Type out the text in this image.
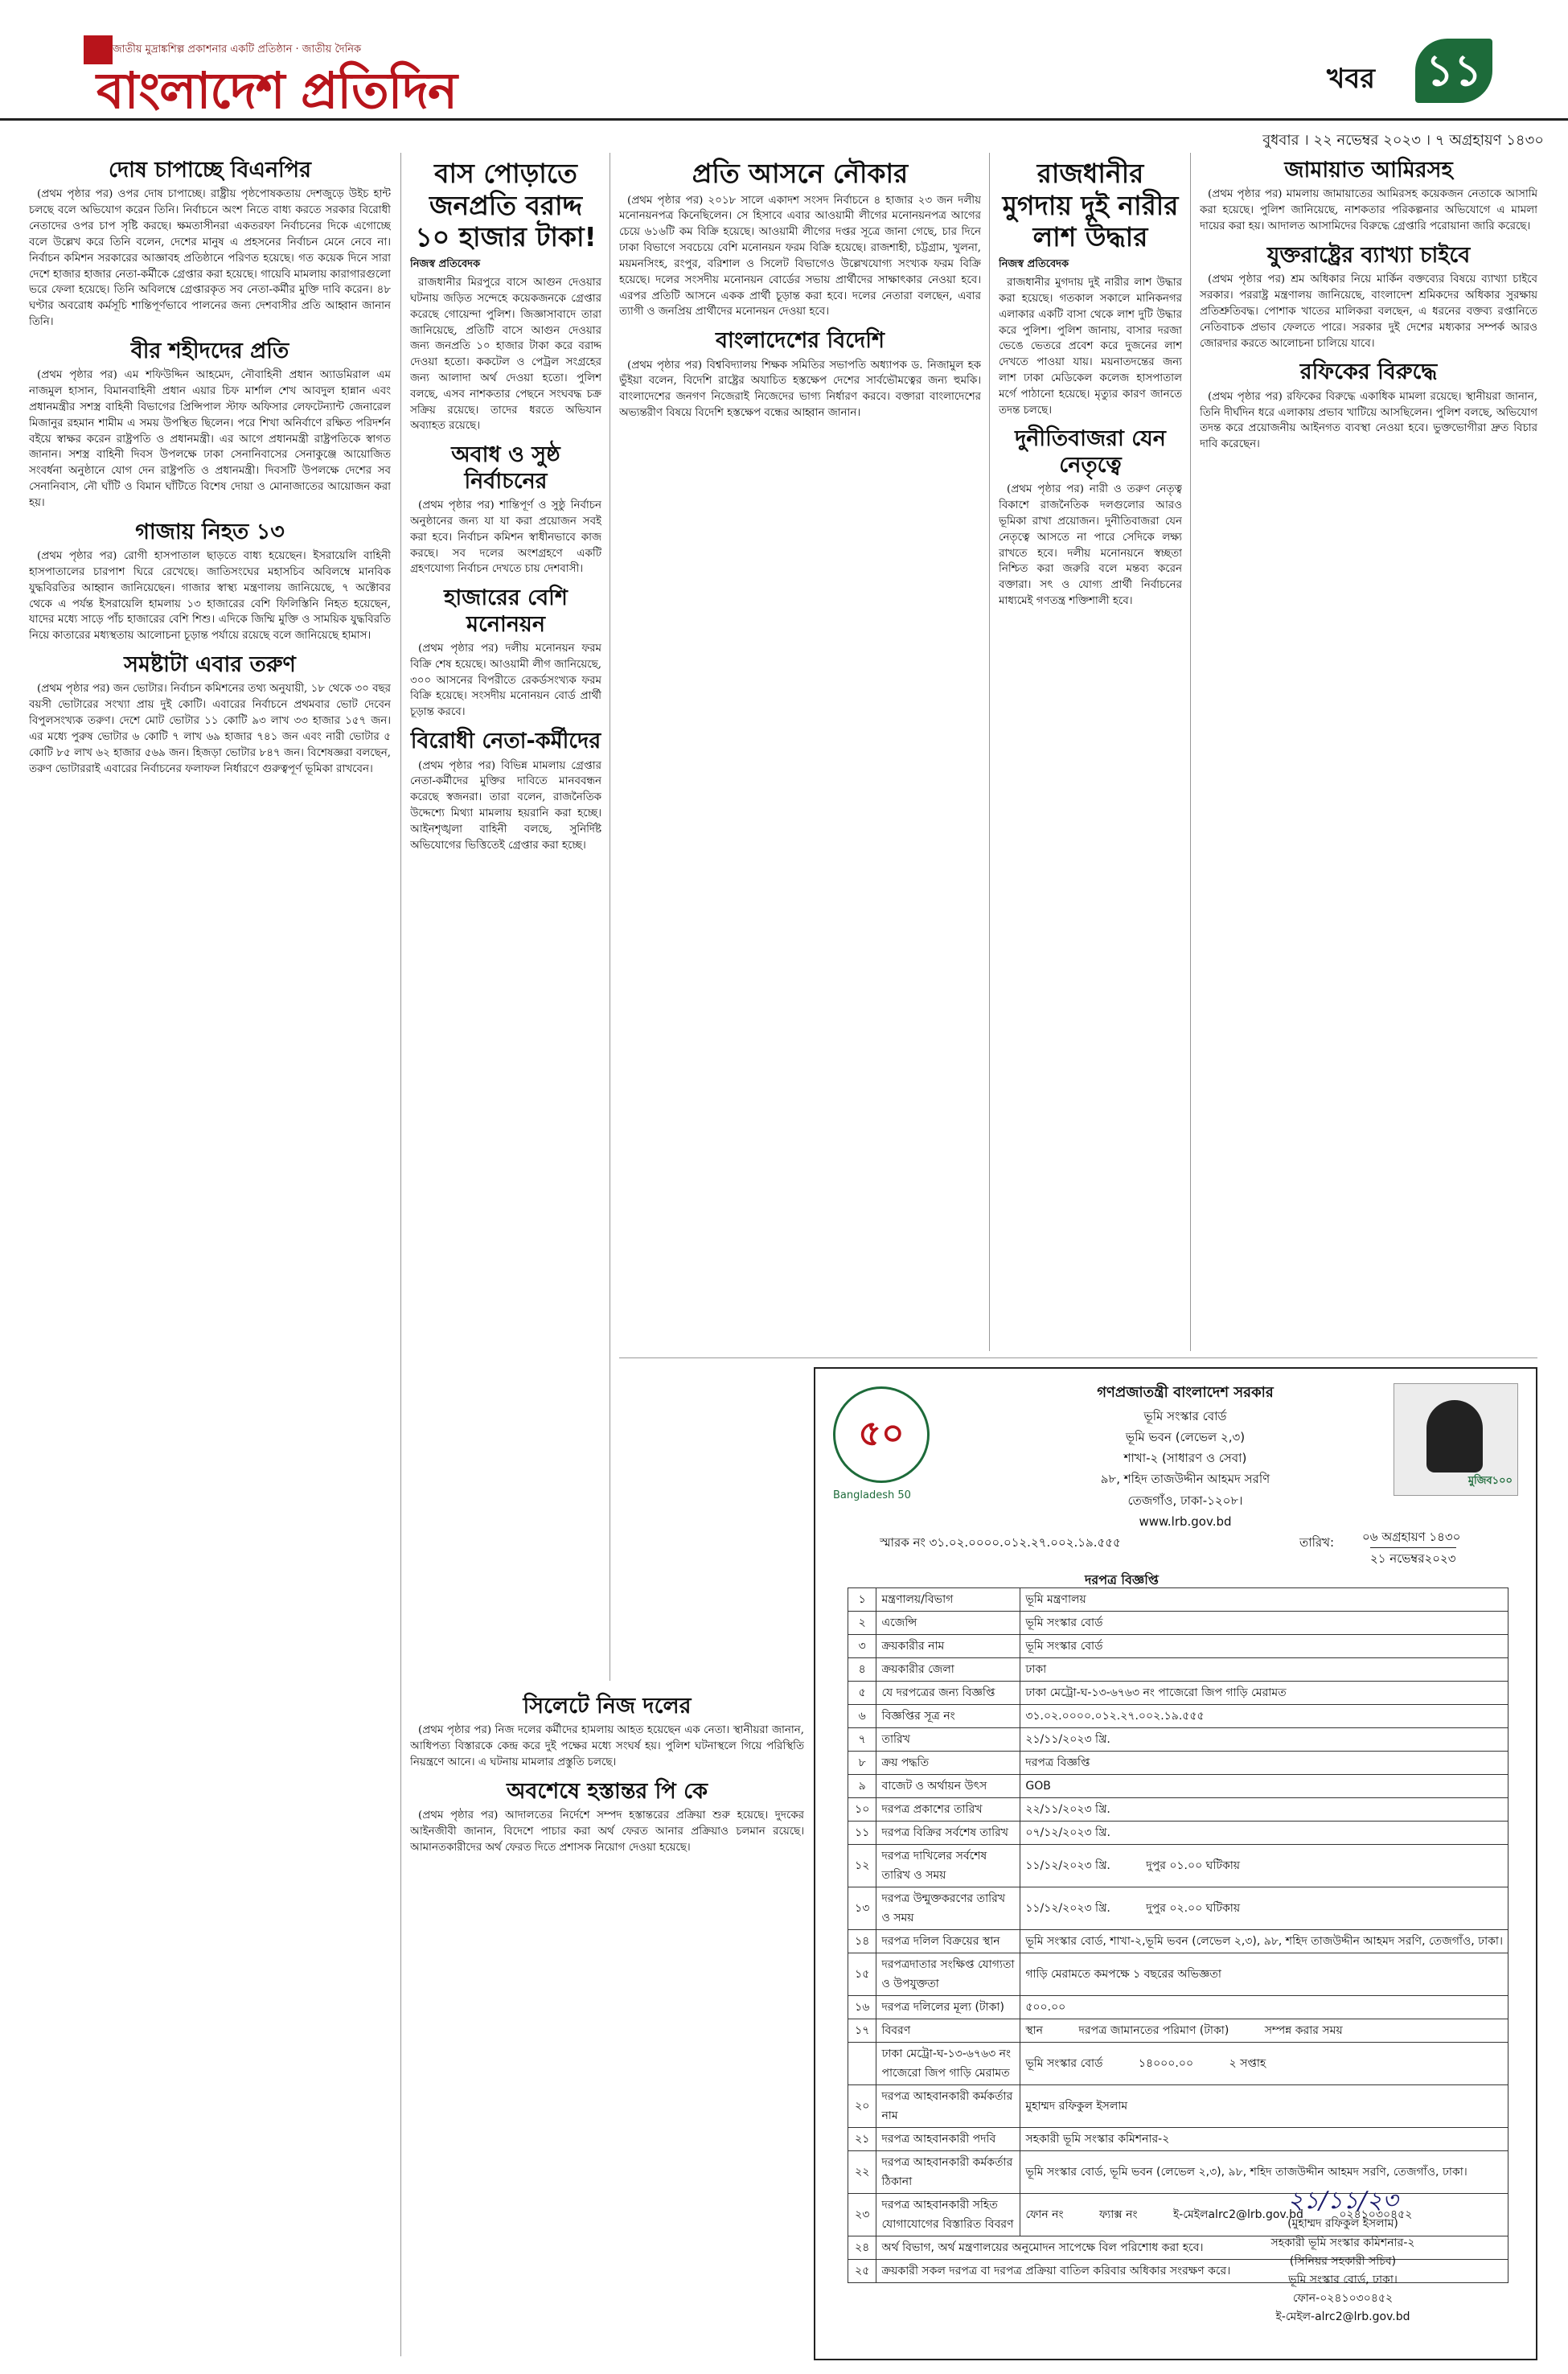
জাতীয় মুদ্রাঙ্কশিল্প প্রকাশনার একটি প্রতিষ্ঠান · জাতীয় দৈনিক
বাংলাদেশ প্রতিদিন	খবর ১১
বুধবার । ২২ নভেম্বর ২০২৩ । ৭ অগ্রহায়ণ ১৪৩০
দোষ চাপাচ্ছে বিএনপির

(প্রথম পৃষ্ঠার পর) ওপর দোষ চাপাচ্ছে। রাষ্ট্রীয় পৃষ্ঠপোষকতায় দেশজুড়ে উইচ হান্ট চলছে বলে অভিযোগ করেন তিনি। নির্বাচনে অংশ নিতে বাধ্য করতে সরকার বিরোধী নেতাদের ওপর চাপ সৃষ্টি করছে। ক্ষমতাসীনরা একতরফা নির্বাচনের দিকে এগোচ্ছে বলে উল্লেখ করে তিনি বলেন, দেশের মানুষ এ প্রহসনের নির্বাচন মেনে নেবে না। নির্বাচন কমিশন সরকারের আজ্ঞাবহ প্রতিষ্ঠানে পরিণত হয়েছে। গত কয়েক দিনে সারা দেশে হাজার হাজার নেতা-কর্মীকে গ্রেপ্তার করা হয়েছে। গায়েবি মামলায় কারাগারগুলো ভরে ফেলা হয়েছে। তিনি অবিলম্বে গ্রেপ্তারকৃত সব নেতা-কর্মীর মুক্তি দাবি করেন। ৪৮ ঘণ্টার অবরোধ কর্মসূচি শান্তিপূর্ণভাবে পালনের জন্য দেশবাসীর প্রতি আহ্বান জানান তিনি।

বীর শহীদদের প্রতি

(প্রথম পৃষ্ঠার পর) এম শফিউদ্দিন আহমেদ, নৌবাহিনী প্রধান অ্যাডমিরাল এম নাজমুল হাসান, বিমানবাহিনী প্রধান এয়ার চিফ মার্শাল শেখ আবদুল হান্নান এবং প্রধানমন্ত্রীর সশস্ত্র বাহিনী বিভাগের প্রিন্সিপাল স্টাফ অফিসার লেফটেন্যান্ট জেনারেল মিজানুর রহমান শামীম এ সময় উপস্থিত ছিলেন। পরে শিখা অনির্বাণে রক্ষিত পরিদর্শন বইয়ে স্বাক্ষর করেন রাষ্ট্রপতি ও প্রধানমন্ত্রী। এর আগে প্রধানমন্ত্রী রাষ্ট্রপতিকে স্বাগত জানান। সশস্ত্র বাহিনী দিবস উপলক্ষে ঢাকা সেনানিবাসের সেনাকুঞ্জে আয়োজিত সংবর্ধনা অনুষ্ঠানে যোগ দেন রাষ্ট্রপতি ও প্রধানমন্ত্রী। দিবসটি উপলক্ষে দেশের সব সেনানিবাস, নৌ ঘাঁটি ও বিমান ঘাঁটিতে বিশেষ দোয়া ও মোনাজাতের আয়োজন করা হয়।

গাজায় নিহত ১৩

(প্রথম পৃষ্ঠার পর) রোগী হাসপাতাল ছাড়তে বাধ্য হয়েছেন। ইসরায়েলি বাহিনী হাসপাতালের চারপাশ ঘিরে রেখেছে। জাতিসংঘের মহাসচিব অবিলম্বে মানবিক যুদ্ধবিরতির আহ্বান জানিয়েছেন। গাজার স্বাস্থ্য মন্ত্রণালয় জানিয়েছে, ৭ অক্টোবর থেকে এ পর্যন্ত ইসরায়েলি হামলায় ১৩ হাজারের বেশি ফিলিস্তিনি নিহত হয়েছেন, যাদের মধ্যে সাড়ে পাঁচ হাজারের বেশি শিশু। এদিকে জিম্মি মুক্তি ও সাময়িক যুদ্ধবিরতি নিয়ে কাতারের মধ্যস্থতায় আলোচনা চূড়ান্ত পর্যায়ে রয়েছে বলে জানিয়েছে হামাস।

সমষ্টাটা এবার তরুণ

(প্রথম পৃষ্ঠার পর) জন ভোটার। নির্বাচন কমিশনের তথ্য অনুযায়ী, ১৮ থেকে ৩০ বছর বয়সী ভোটারের সংখ্যা প্রায় দুই কোটি। এবারের নির্বাচনে প্রথমবার ভোট দেবেন বিপুলসংখ্যক তরুণ। দেশে মোট ভোটার ১১ কোটি ৯৩ লাখ ৩৩ হাজার ১৫৭ জন। এর মধ্যে পুরুষ ভোটার ৬ কোটি ৭ লাখ ৬৯ হাজার ৭৪১ জন এবং নারী ভোটার ৫ কোটি ৮৫ লাখ ৬২ হাজার ৫৬৯ জন। হিজড়া ভোটার ৮৪৭ জন। বিশেষজ্ঞরা বলছেন, তরুণ ভোটাররাই এবারের নির্বাচনের ফলাফল নির্ধারণে গুরুত্বপূর্ণ ভূমিকা রাখবেন।

বাস পোড়াতে জনপ্রতি বরাদ্দ ১০ হাজার টাকা!
নিজস্ব প্রতিবেদক

রাজধানীর মিরপুরে বাসে আগুন দেওয়ার ঘটনায় জড়িত সন্দেহে কয়েকজনকে গ্রেপ্তার করেছে গোয়েন্দা পুলিশ। জিজ্ঞাসাবাদে তারা জানিয়েছে, প্রতিটি বাসে আগুন দেওয়ার জন্য জনপ্রতি ১০ হাজার টাকা করে বরাদ্দ দেওয়া হতো। ককটেল ও পেট্রল সংগ্রহের জন্য আলাদা অর্থ দেওয়া হতো। পুলিশ বলছে, এসব নাশকতার পেছনে সংঘবদ্ধ চক্র সক্রিয় রয়েছে। তাদের ধরতে অভিযান অব্যাহত রয়েছে।

অবাধ ও সুষ্ঠ নির্বাচনের

(প্রথম পৃষ্ঠার পর) শান্তিপূর্ণ ও সুষ্ঠু নির্বাচন অনুষ্ঠানের জন্য যা যা করা প্রয়োজন সবই করা হবে। নির্বাচন কমিশন স্বাধীনভাবে কাজ করছে। সব দলের অংশগ্রহণে একটি গ্রহণযোগ্য নির্বাচন দেখতে চায় দেশবাসী।

হাজারের বেশি মনোনয়ন

(প্রথম পৃষ্ঠার পর) দলীয় মনোনয়ন ফরম বিক্রি শেষ হয়েছে। আওয়ামী লীগ জানিয়েছে, ৩০০ আসনের বিপরীতে রেকর্ডসংখ্যক ফরম বিক্রি হয়েছে। সংসদীয় মনোনয়ন বোর্ড প্রার্থী চূড়ান্ত করবে।

বিরোধী নেতা-কর্মীদের

(প্রথম পৃষ্ঠার পর) বিভিন্ন মামলায় গ্রেপ্তার নেতা-কর্মীদের মুক্তির দাবিতে মানববন্ধন করেছে স্বজনরা। তারা বলেন, রাজনৈতিক উদ্দেশ্যে মিথ্যা মামলায় হয়রানি করা হচ্ছে। আইনশৃঙ্খলা বাহিনী বলছে, সুনির্দিষ্ট অভিযোগের ভিত্তিতেই গ্রেপ্তার করা হচ্ছে।

প্রতি আসনে নৌকার

(প্রথম পৃষ্ঠার পর) ২০১৮ সালে একাদশ সংসদ নির্বাচনে ৪ হাজার ২৩ জন দলীয় মনোনয়নপত্র কিনেছিলেন। সে হিসাবে এবার আওয়ামী লীগের মনোনয়নপত্র আগের চেয়ে ৬১৬টি কম বিক্রি হয়েছে। আওয়ামী লীগের দপ্তর সূত্রে জানা গেছে, চার দিনে ঢাকা বিভাগে সবচেয়ে বেশি মনোনয়ন ফরম বিক্রি হয়েছে। রাজশাহী, চট্টগ্রাম, খুলনা, ময়মনসিংহ, রংপুর, বরিশাল ও সিলেট বিভাগেও উল্লেখযোগ্য সংখ্যক ফরম বিক্রি হয়েছে। দলের সংসদীয় মনোনয়ন বোর্ডের সভায় প্রার্থীদের সাক্ষাৎকার নেওয়া হবে। এরপর প্রতিটি আসনে একক প্রার্থী চূড়ান্ত করা হবে। দলের নেতারা বলছেন, এবার ত্যাগী ও জনপ্রিয় প্রার্থীদের মনোনয়ন দেওয়া হবে।

বাংলাদেশের বিদেশি

(প্রথম পৃষ্ঠার পর) বিশ্ববিদ্যালয় শিক্ষক সমিতির সভাপতি অধ্যাপক ড. নিজামুল হক ভুঁইয়া বলেন, বিদেশি রাষ্ট্রের অযাচিত হস্তক্ষেপ দেশের সার্বভৌমত্বের জন্য হুমকি। বাংলাদেশের জনগণ নিজেরাই নিজেদের ভাগ্য নির্ধারণ করবে। বক্তারা বাংলাদেশের অভ্যন্তরীণ বিষয়ে বিদেশি হস্তক্ষেপ বন্ধের আহ্বান জানান।

সিলেটে নিজ দলের

(প্রথম পৃষ্ঠার পর) নিজ দলের কর্মীদের হামলায় আহত হয়েছেন এক নেতা। স্থানীয়রা জানান, আধিপত্য বিস্তারকে কেন্দ্র করে দুই পক্ষের মধ্যে সংঘর্ষ হয়। পুলিশ ঘটনাস্থলে গিয়ে পরিস্থিতি নিয়ন্ত্রণে আনে। এ ঘটনায় মামলার প্রস্তুতি চলছে।

অবশেষে হস্তান্তর পি কে

(প্রথম পৃষ্ঠার পর) আদালতের নির্দেশে সম্পদ হস্তান্তরের প্রক্রিয়া শুরু হয়েছে। দুদকের আইনজীবী জানান, বিদেশে পাচার করা অর্থ ফেরত আনার প্রক্রিয়াও চলমান রয়েছে। আমানতকারীদের অর্থ ফেরত দিতে প্রশাসক নিয়োগ দেওয়া হয়েছে।

রাজধানীর মুগদায় দুই নারীর লাশ উদ্ধার
নিজস্ব প্রতিবেদক

রাজধানীর মুগদায় দুই নারীর লাশ উদ্ধার করা হয়েছে। গতকাল সকালে মানিকনগর এলাকার একটি বাসা থেকে লাশ দুটি উদ্ধার করে পুলিশ। পুলিশ জানায়, বাসার দরজা ভেঙে ভেতরে প্রবেশ করে দুজনের লাশ দেখতে পাওয়া যায়। ময়নাতদন্তের জন্য লাশ ঢাকা মেডিকেল কলেজ হাসপাতাল মর্গে পাঠানো হয়েছে। মৃত্যুর কারণ জানতে তদন্ত চলছে।

দুনীতিবাজরা যেন নেতৃত্বে

(প্রথম পৃষ্ঠার পর) নারী ও তরুণ নেতৃত্ব বিকাশে রাজনৈতিক দলগুলোর আরও ভূমিকা রাখা প্রয়োজন। দুনীতিবাজরা যেন নেতৃত্বে আসতে না পারে সেদিকে লক্ষ্য রাখতে হবে। দলীয় মনোনয়নে স্বচ্ছতা নিশ্চিত করা জরুরি বলে মন্তব্য করেন বক্তারা। সৎ ও যোগ্য প্রার্থী নির্বাচনের মাধ্যমেই গণতন্ত্র শক্তিশালী হবে।

জামায়াত আমিরসহ

(প্রথম পৃষ্ঠার পর) মামলায় জামায়াতের আমিরসহ কয়েকজন নেতাকে আসামি করা হয়েছে। পুলিশ জানিয়েছে, নাশকতার পরিকল্পনার অভিযোগে এ মামলা দায়ের করা হয়। আদালত আসামিদের বিরুদ্ধে গ্রেপ্তারি পরোয়ানা জারি করেছে।

যুক্তরাষ্ট্রের ব্যাখ্যা চাইবে

(প্রথম পৃষ্ঠার পর) শ্রম অধিকার নিয়ে মার্কিন বক্তব্যের বিষয়ে ব্যাখ্যা চাইবে সরকার। পররাষ্ট্র মন্ত্রণালয় জানিয়েছে, বাংলাদেশ শ্রমিকদের অধিকার সুরক্ষায় প্রতিশ্রুতিবদ্ধ। পোশাক খাতের মালিকরা বলছেন, এ ধরনের বক্তব্য রপ্তানিতে নেতিবাচক প্রভাব ফেলতে পারে। সরকার দুই দেশের মধ্যকার সম্পর্ক আরও জোরদার করতে আলোচনা চালিয়ে যাবে।

রফিকের বিরুদ্ধে

(প্রথম পৃষ্ঠার পর) রফিকের বিরুদ্ধে একাধিক মামলা রয়েছে। স্থানীয়রা জানান, তিনি দীর্ঘদিন ধরে এলাকায় প্রভাব খাটিয়ে আসছিলেন। পুলিশ বলছে, অভিযোগ তদন্ত করে প্রয়োজনীয় আইনগত ব্যবস্থা নেওয়া হবে। ভুক্তভোগীরা দ্রুত বিচার দাবি করেছেন।

৫০
Bangladesh 50
গণপ্রজাতন্ত্রী বাংলাদেশ সরকার
ভূমি সংস্কার বোর্ড
ভূমি ভবন (লেভেল ২,৩)
শাখা-২ (সাধারণ ও সেবা)
৯৮, শহিদ তাজউদ্দীন আহমদ সরণি
তেজগাঁও, ঢাকা-১২০৮।
www.lrb.gov.bd
মুজিব১০০
স্মারক নং ৩১.০২.০০০০.০১২.২৭.০০২.১৯.৫৫৫	তারিখ: ০৬ অগ্রহায়ণ ১৪৩০
২১ নভেম্বর২০২৩
দরপত্র বিজ্ঞপ্তি
১	মন্ত্রণালয়/বিভাগ	ভূমি মন্ত্রণালয়
২	এজেন্সি	ভূমি সংস্কার বোর্ড
৩	ক্রয়কারীর নাম	ভূমি সংস্কার বোর্ড
৪	ক্রয়কারীর জেলা	ঢাকা
৫	যে দরপত্রের জন্য বিজ্ঞপ্তি	ঢাকা মেট্রো-ঘ-১৩-৬৭৬৩ নং পাজেরো জিপ গাড়ি মেরামত
৬	বিজ্ঞপ্তির সূত্র নং	৩১.০২.০০০০.০১২.২৭.০০২.১৯.৫৫৫
৭	তারিখ	২১/১১/২০২৩ খ্রি.
৮	ক্রয় পদ্ধতি	দরপত্র বিজ্ঞপ্তি
৯	বাজেট ও অর্থায়ন উৎস	GOB
১০	দরপত্র প্রকাশের তারিখ	২২/১১/২০২৩ খ্রি.
১১	দরপত্র বিক্রির সর্বশেষ তারিখ	০৭/১২/২০২৩ খ্রি.
১২	দরপত্র দাখিলের সর্বশেষ তারিখ ও সময়	১১/১২/২০২৩ খ্রি.          দুপুর ০১.০০ ঘটিকায়
১৩	দরপত্র উন্মুক্তকরণের তারিখ ও সময়	১১/১২/২০২৩ খ্রি.          দুপুর ০২.০০ ঘটিকায়
১৪	দরপত্র দলিল বিক্রয়ের স্থান	ভূমি সংস্কার বোর্ড, শাখা-২,ভূমি ভবন (লেভেল ২,৩), ৯৮, শহিদ তাজউদ্দীন আহমদ সরণি, তেজগাঁও, ঢাকা।
১৫	দরপত্রদাতার সংক্ষিপ্ত যোগ্যতা ও উপযুক্ততা	গাড়ি মেরামতে কমপক্ষে ১ বছরের অভিজ্ঞতা
১৬	দরপত্র দলিলের মূল্য (টাকা)	৫০০.০০
১৭	বিবরণ	স্থান          দরপত্র জামানতের পরিমাণ (টাকা)          সম্পন্ন করার সময়
	ঢাকা মেট্রো-ঘ-১৩-৬৭৬৩ নং পাজেরো জিপ গাড়ি মেরামত	ভূমি সংস্কার বোর্ড          ১৪০০০.০০          ২ সপ্তাহ
২০	দরপত্র আহবানকারী কর্মকর্তার নাম	মুহাম্মদ রফিকুল ইসলাম
২১	দরপত্র আহবানকারী পদবি	সহকারী ভূমি সংস্কার কমিশনার-২
২২	দরপত্র আহবানকারী কর্মকর্তার ঠিকানা	ভূমি সংস্কার বোর্ড, ভূমি ভবন (লেভেল ২,৩), ৯৮, শহিদ তাজউদ্দীন আহমদ সরণি, তেজগাঁও, ঢাকা।
২৩	দরপত্র আহবানকারী সহিত যোগাযোগের বিস্তারিত বিবরণ	ফোন নং          ফ্যাক্স নং          ই-মেইলalrc2@lrb.gov.bd          ০২৪১০৩০৪৫২
২৪	অর্থ বিভাগ, অর্থ মন্ত্রণালয়ের অনুমোদন সাপেক্ষে বিল পরিশোধ করা হবে।	
২৫	ক্রয়কারী সকল দরপত্র বা দরপত্র প্রক্রিয়া বাতিল করিবার অধিকার সংরক্ষণ করে।	
২১/১১/২৩
(মুহাম্মদ রফিকুল ইসলাম)
সহকারী ভূমি সংস্কার কমিশনার-২
(সিনিয়র সহকারী সচিব)
ভূমি সংস্কার বোর্ড, ঢাকা।
ফোন-০২৪১০৩০৪৫২
ই-মেইল-alrc2@lrb.gov.bd
